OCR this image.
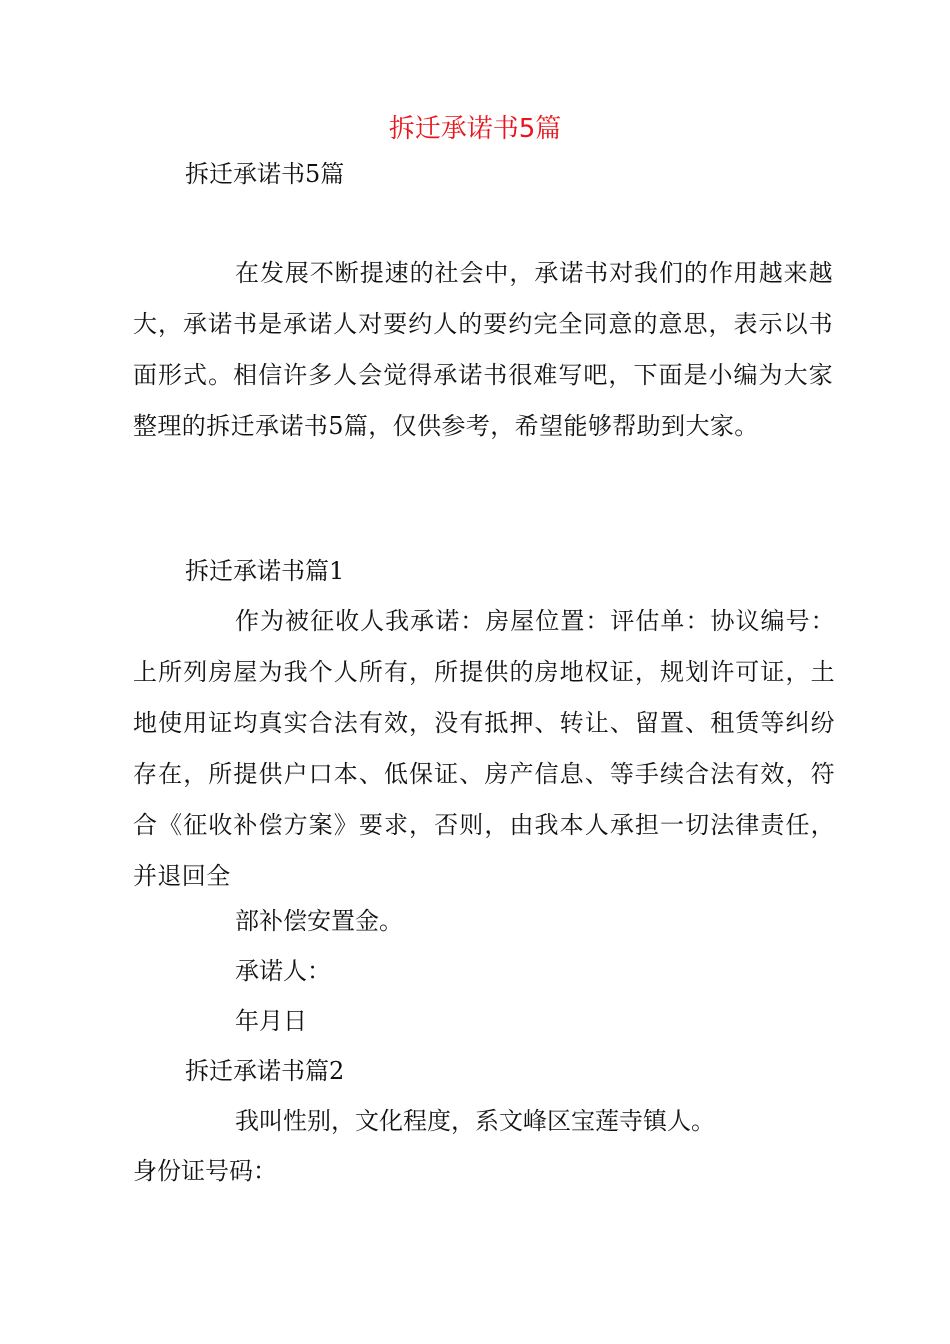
拆迁承诺书5篇

拆迁承诺书5篇

在发展不断提速的社会中，承诺书对我们的作用越来越大，承诺书是承诺人对要约人的要约完全同意的意思，表示以书面形式。相信许多人会觉得承诺书很难写吧，下面是小编为大家整理的拆迁承诺书5篇，仅供参考，希望能够帮助到大家。

拆迁承诺书篇1

作为被征收人我承诺：房屋位置：评估单：协议编号：上所列房屋为我个人所有，所提供的房地权证，规划许可证，土地使用证均真实合法有效，没有抵押、转让、留置、租赁等纠纷存在，所提供户口本、低保证、房产信息、等手续合法有效，符合《征收补偿方案》要求，否则，由我本人承担一切法律责任，并退回全

部补偿安置金。

承诺人：

年月日

拆迁承诺书篇2

我叫性别，文化程度，系文峰区宝莲寺镇人。

身份证号码：
